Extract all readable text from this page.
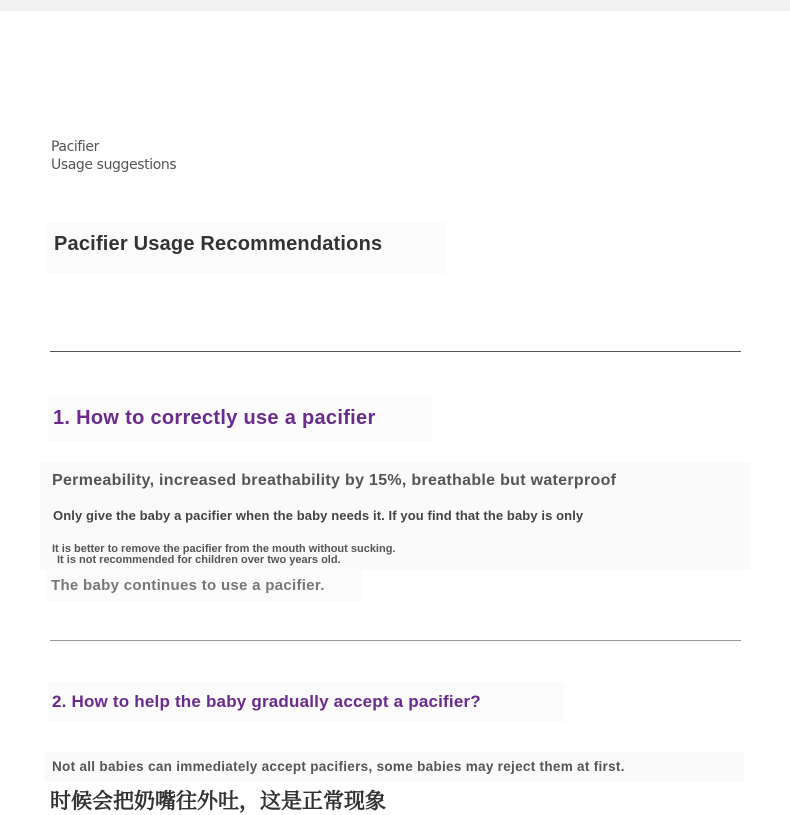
Pacifier
Usage suggestions
Pacifier Usage Recommendations
1. How to correctly use a pacifier
Permeability, increased breathability by 15%, breathable but waterproof
Only give the baby a pacifier when the baby needs it. If you find that the baby is only
It is better to remove the pacifier from the mouth without sucking.
It is not recommended for children over two years old.
The baby continues to use a pacifier.
2. How to help the baby gradually accept a pacifier?
Not all babies can immediately accept pacifiers, some babies may reject them at first.
时候会把奶嘴往外吐，这是正常现象
